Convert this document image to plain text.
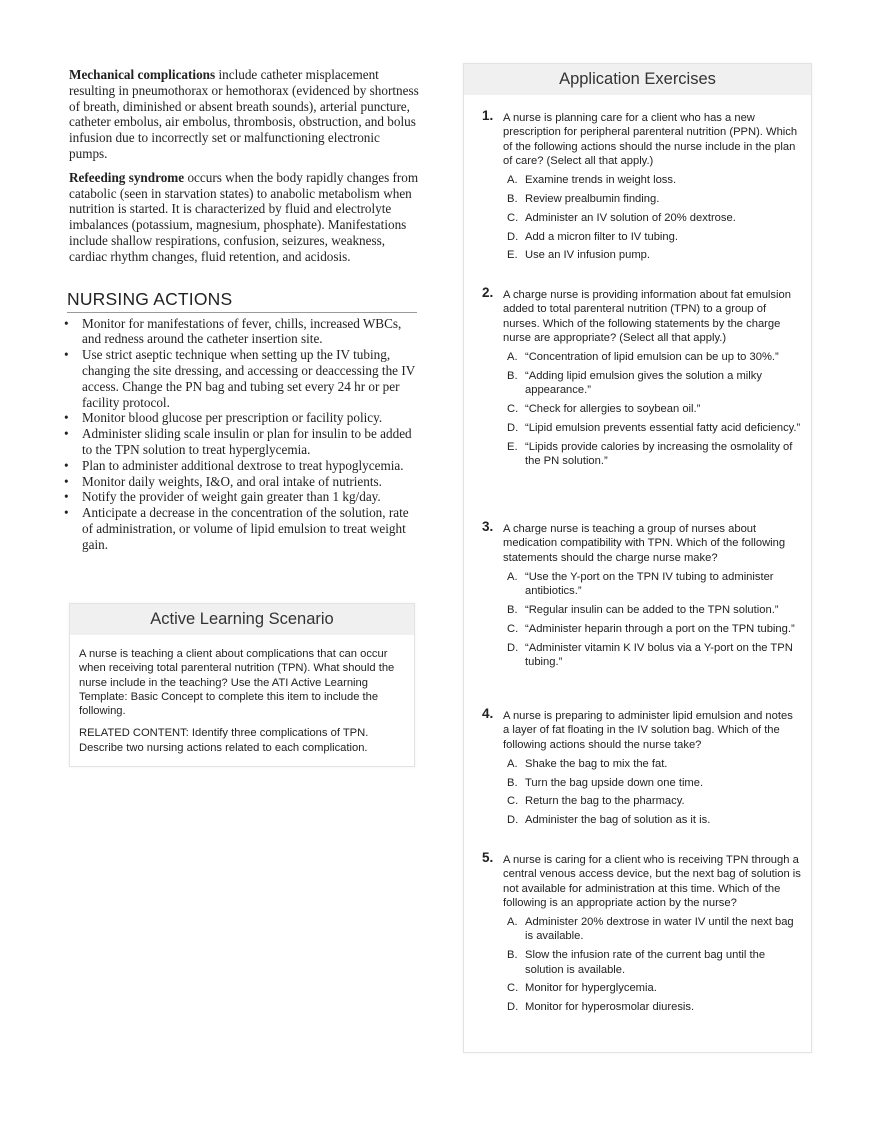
Mechanical complications include catheter misplacement resulting in pneumothorax or hemothorax (evidenced by shortness of breath, diminished or absent breath sounds), arterial puncture, catheter embolus, air embolus, thrombosis, obstruction, and bolus infusion due to incorrectly set or malfunctioning electronic pumps.

Refeeding syndrome occurs when the body rapidly changes from catabolic (seen in starvation states) to anabolic metabolism when nutrition is started. It is characterized by fluid and electrolyte imbalances (potassium, magnesium, phosphate). Manifestations include shallow respirations, confusion, seizures, weakness, cardiac rhythm changes, fluid retention, and acidosis.

NURSING ACTIONS
• Monitor for manifestations of fever, chills, increased WBCs, and redness around the catheter insertion site.
• Use strict aseptic technique when setting up the IV tubing, changing the site dressing, and accessing or deaccessing the IV access. Change the PN bag and tubing set every 24 hr or per facility protocol.
• Monitor blood glucose per prescription or facility policy.
• Administer sliding scale insulin or plan for insulin to be added to the TPN solution to treat hyperglycemia.
• Plan to administer additional dextrose to treat hypoglycemia.
• Monitor daily weights, I&O, and oral intake of nutrients.
• Notify the provider of weight gain greater than 1 kg/day.
• Anticipate a decrease in the concentration of the solution, rate of administration, or volume of lipid emulsion to treat weight gain.
Active Learning Scenario

A nurse is teaching a client about complications that can occur when receiving total parenteral nutrition (TPN). What should the nurse include in the teaching? Use the ATI Active Learning Template: Basic Concept to complete this item to include the following.

RELATED CONTENT: Identify three complications of TPN. Describe two nursing actions related to each complication.

Application Exercises
1. A nurse is planning care for a client who has a new prescription for peripheral parenteral nutrition (PPN). Which of the following actions should the nurse include in the plan of care? (Select all that apply.)
A. Examine trends in weight loss.
B. Review prealbumin finding.
C. Administer an IV solution of 20% dextrose.
D. Add a micron filter to IV tubing.
E. Use an IV infusion pump.
2. A charge nurse is providing information about fat emulsion added to total parenteral nutrition (TPN) to a group of nurses. Which of the following statements by the charge nurse are appropriate? (Select all that apply.)
A. “Concentration of lipid emulsion can be up to 30%.”
B. “Adding lipid emulsion gives the solution a milky appearance.”
C. “Check for allergies to soybean oil.”
D. “Lipid emulsion prevents essential fatty acid deficiency.”
E. “Lipids provide calories by increasing the osmolality of the PN solution.”
3. A charge nurse is teaching a group of nurses about medication compatibility with TPN. Which of the following statements should the charge nurse make?
A. “Use the Y-port on the TPN IV tubing to administer antibiotics.”
B. “Regular insulin can be added to the TPN solution.”
C. “Administer heparin through a port on the TPN tubing.”
D. “Administer vitamin K IV bolus via a Y-port on the TPN tubing.”
4. A nurse is preparing to administer lipid emulsion and notes a layer of fat floating in the IV solution bag. Which of the following actions should the nurse take?
A. Shake the bag to mix the fat.
B. Turn the bag upside down one time.
C. Return the bag to the pharmacy.
D. Administer the bag of solution as it is.
5. A nurse is caring for a client who is receiving TPN through a central venous access device, but the next bag of solution is not available for administration at this time. Which of the following is an appropriate action by the nurse?
A. Administer 20% dextrose in water IV until the next bag is available.
B. Slow the infusion rate of the current bag until the solution is available.
C. Monitor for hyperglycemia.
D. Monitor for hyperosmolar diuresis.
